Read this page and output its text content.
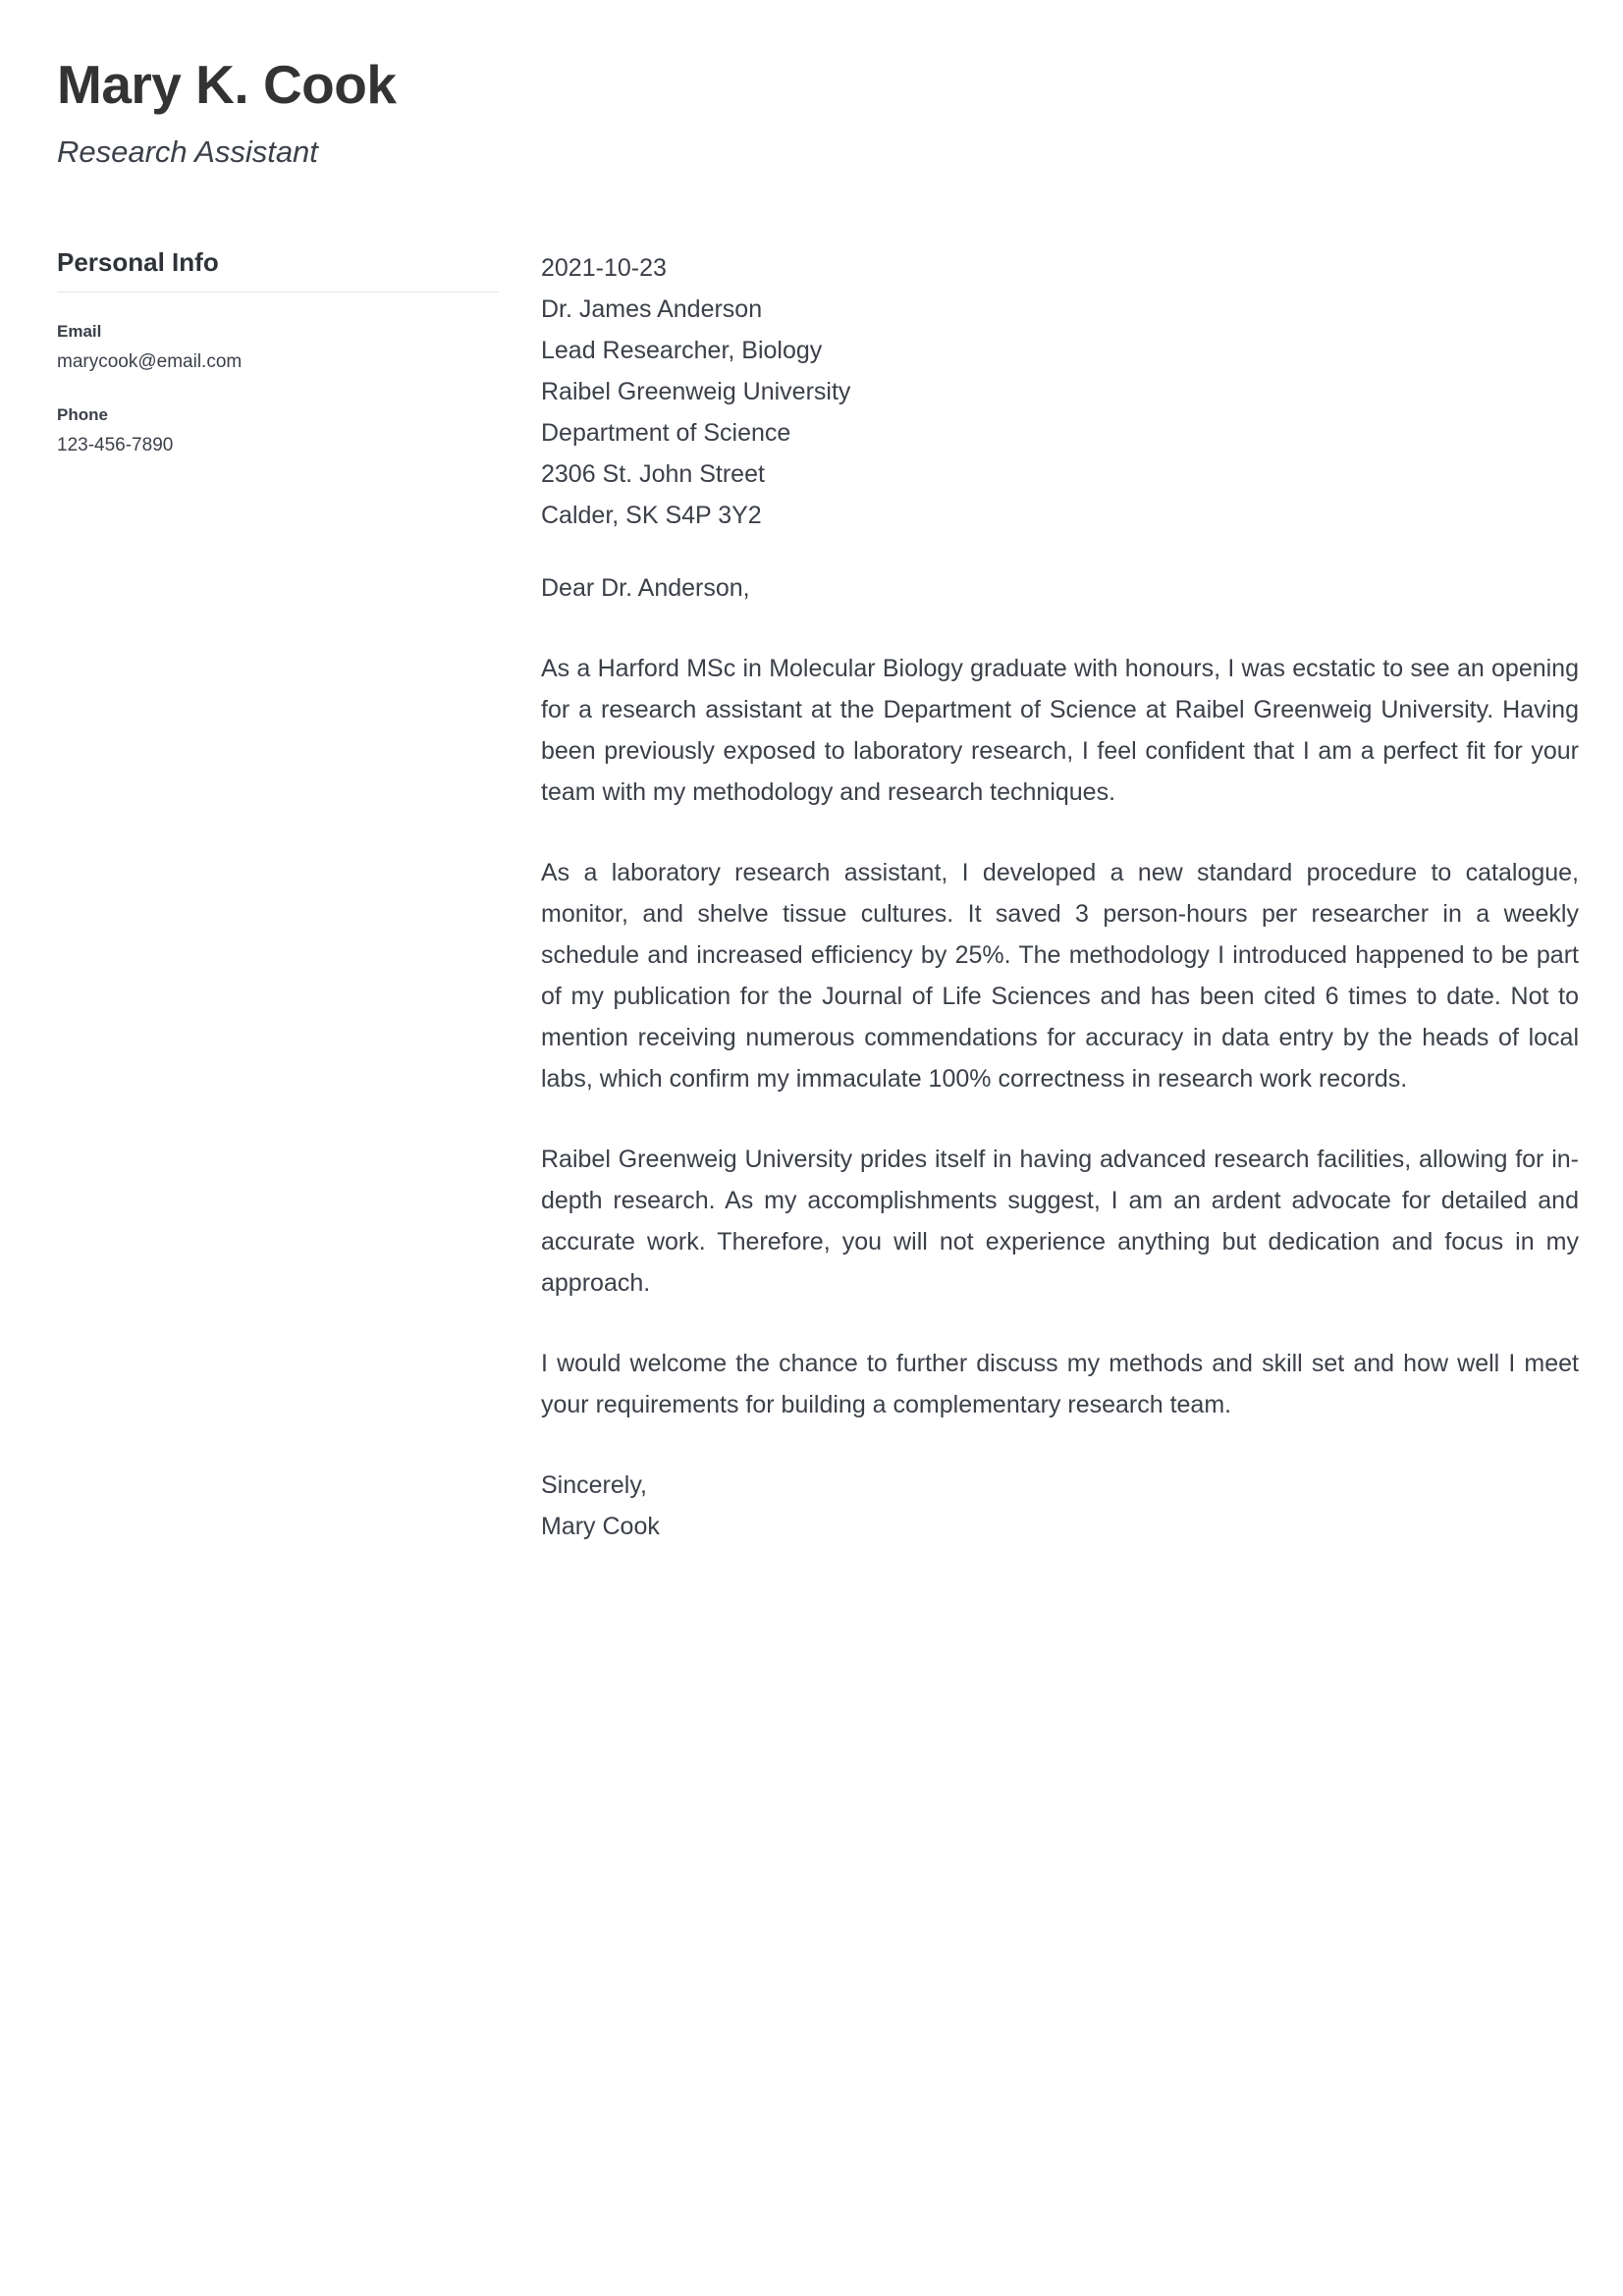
Mary K. Cook
Research Assistant
Personal Info
Email
marycook@email.com
Phone
123-456-7890
2021-10-23
Dr. James Anderson
Lead Researcher, Biology
Raibel Greenweig University
Department of Science
2306 St. John Street
Calder, SK S4P 3Y2
Dear Dr. Anderson,

As a Harford MSc in Molecular Biology graduate with honours, I was ecstatic to see an opening for a research assistant at the Department of Science at Raibel Greenweig University. Having been previously exposed to laboratory research, I feel confident that I am a perfect fit for your team with my methodology and research techniques.

As a laboratory research assistant, I developed a new standard procedure to catalogue, monitor, and shelve tissue cultures. It saved 3 person-hours per researcher in a weekly schedule and increased efficiency by 25%. The methodology I introduced happened to be part of my publication for the Journal of Life Sciences and has been cited 6 times to date. Not to mention receiving numerous commendations for accuracy in data entry by the heads of local labs, which confirm my immaculate 100% correctness in research work records.

Raibel Greenweig University prides itself in having advanced research facilities, allowing for in-depth research. As my accomplishments suggest, I am an ardent advocate for detailed and accurate work. Therefore, you will not experience anything but dedication and focus in my approach.

I would welcome the chance to further discuss my methods and skill set and how well I meet your requirements for building a complementary research team.

Sincerely,
Mary Cook
